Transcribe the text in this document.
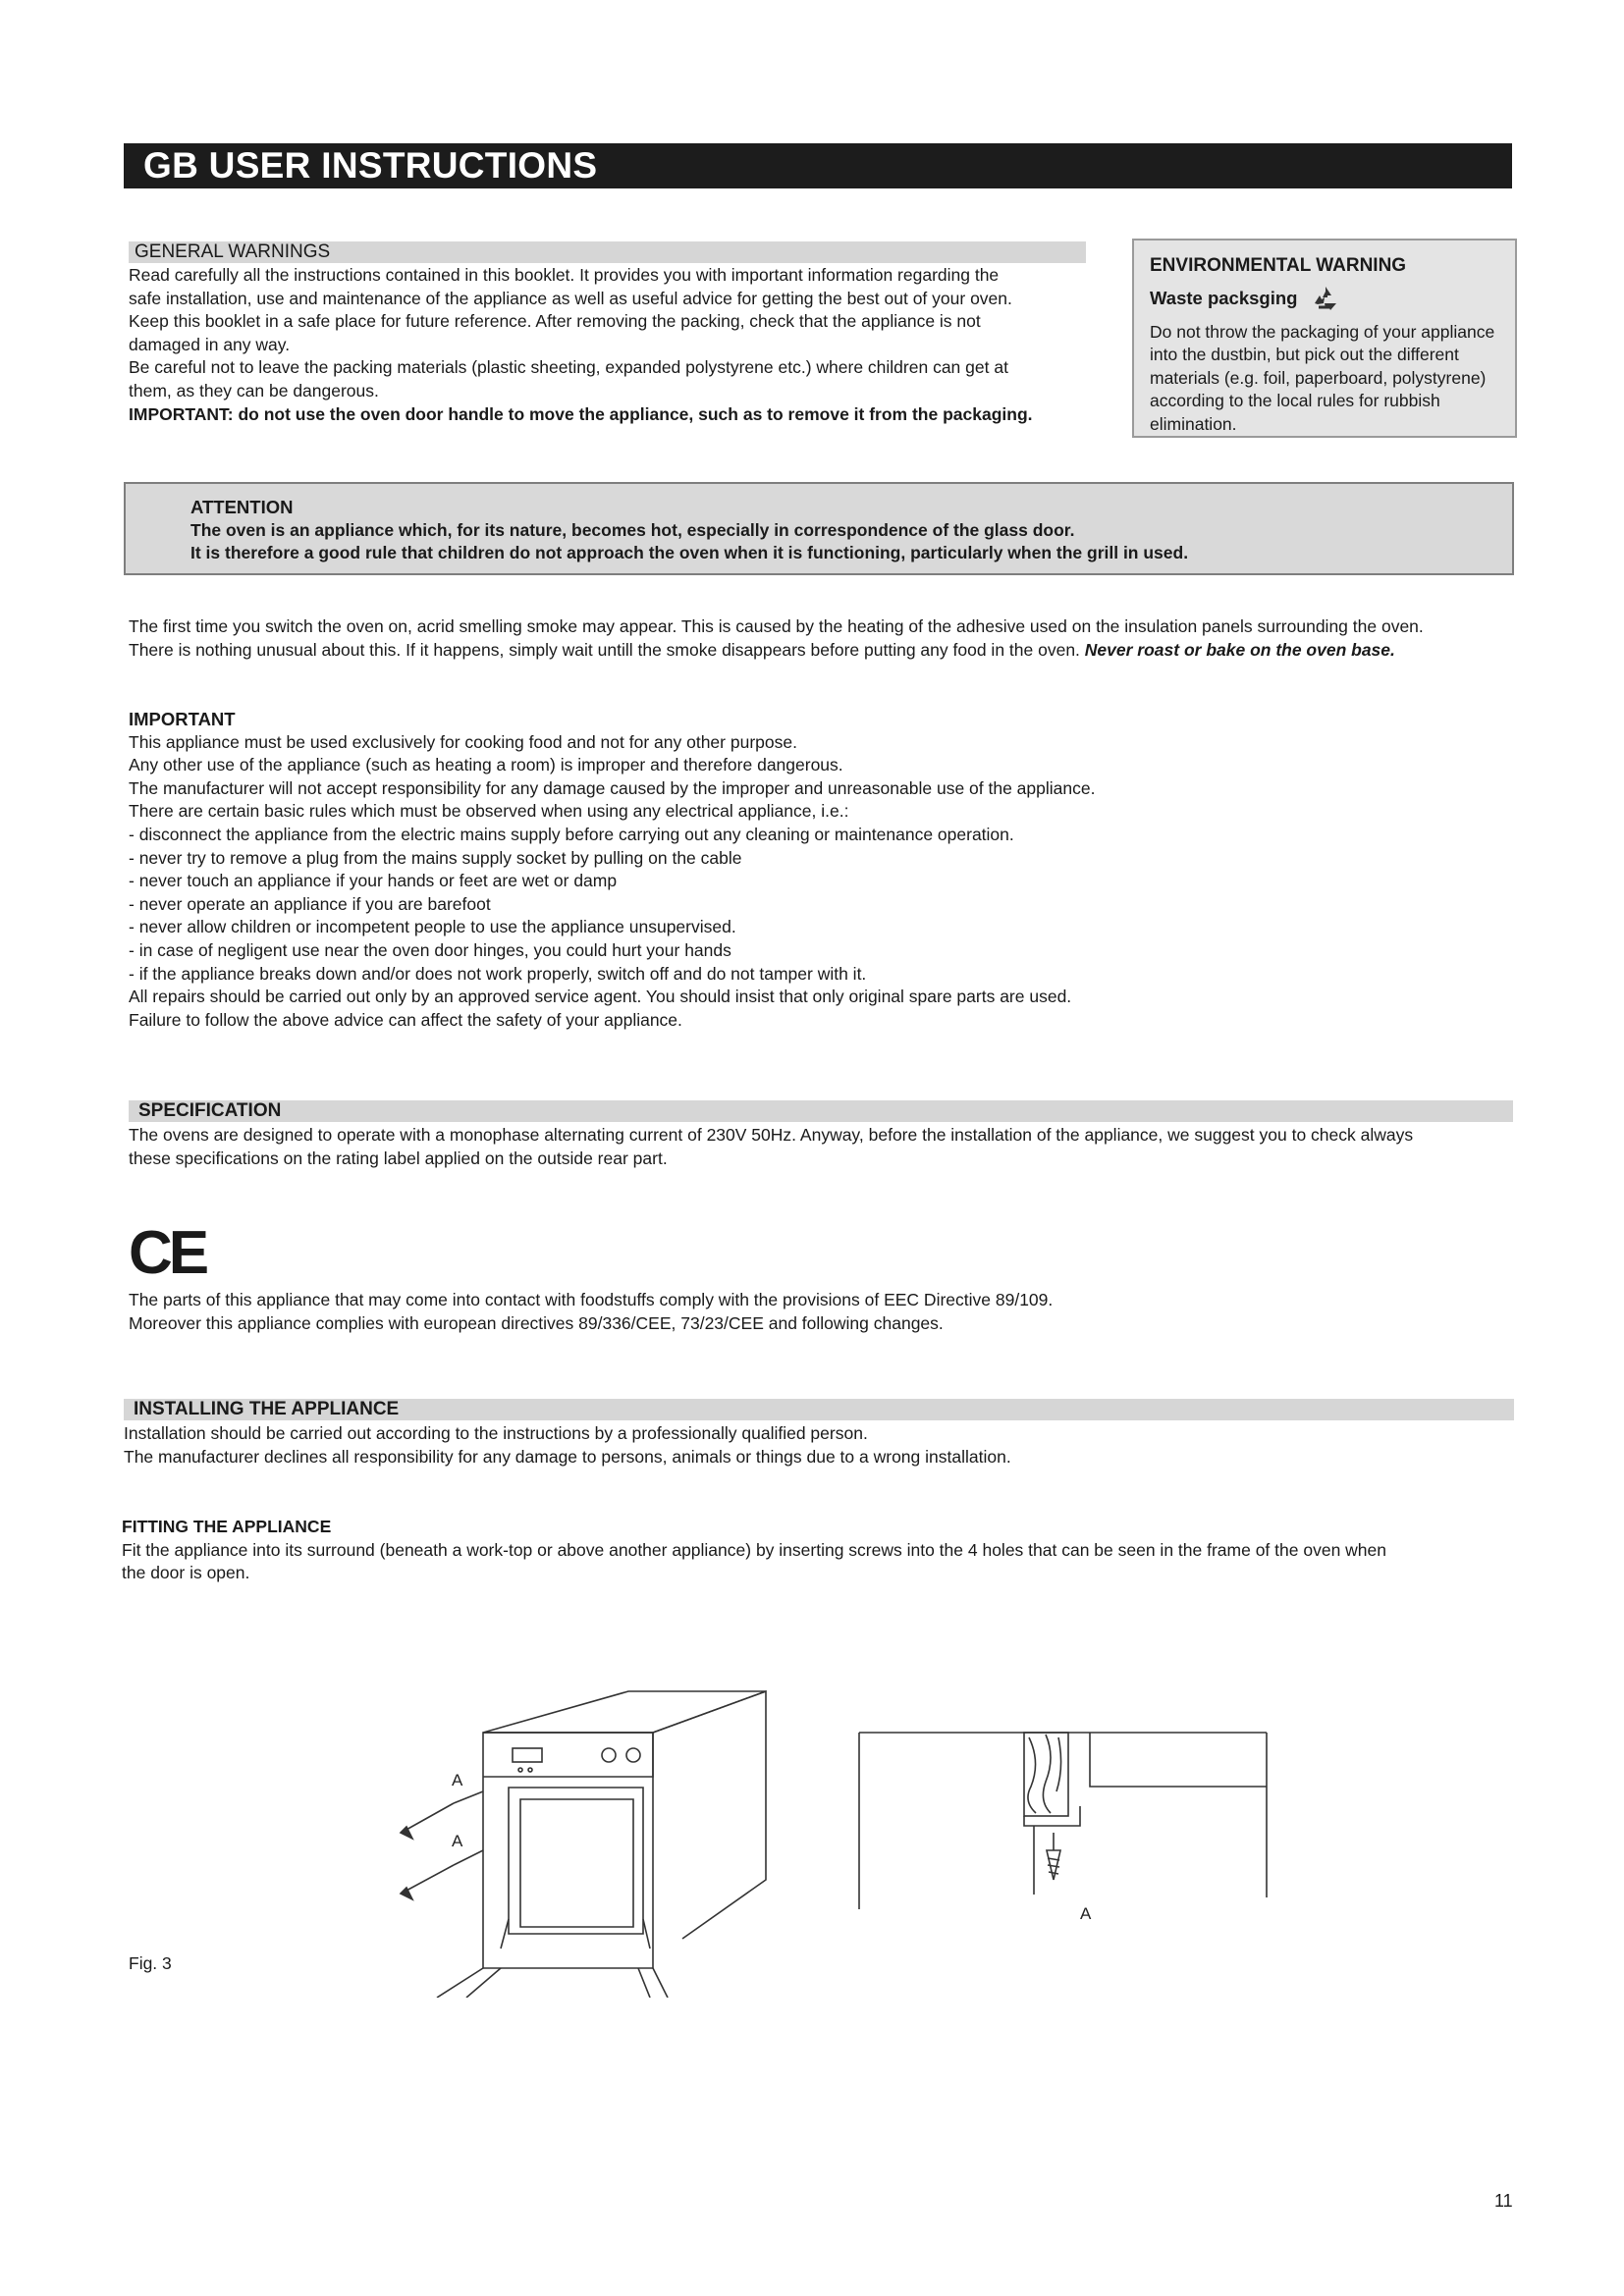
GB USER INSTRUCTIONS
GENERAL WARNINGS

Read carefully all the instructions contained in this booklet. It provides you with important information regarding the

safe installation, use and maintenance of the appliance as well as useful advice for getting the best out of your oven.

Keep this booklet in a safe place for future reference. After removing the packing, check that the appliance is not

damaged in any way.

Be careful not to leave the packing materials (plastic sheeting, expanded polystyrene etc.) where children can get at

them, as they can be dangerous.

IMPORTANT: do not use the oven door handle to move the appliance, such as to remove it from the packaging.

ENVIRONMENTAL WARNING
Waste packsging

Do not throw the packaging of your appliance

into the dustbin, but pick out the different

materials (e.g. foil, paperboard, polystyrene)

according to the local rules for rubbish

elimination.

ATTENTION

The oven is an appliance which, for its nature, becomes hot, especially in correspondence of the glass door.

It is therefore a good rule that children do not approach the oven when it is functioning, particularly when the grill in used.

The first time you switch the oven on, acrid smelling smoke may appear. This is caused by the heating of the adhesive used on the insulation panels surrounding the oven.

There is nothing unusual about this. If it happens, simply wait untill the smoke disappears before putting any food in the oven. Never roast or bake on the oven base.

IMPORTANT

This appliance must be used exclusively for cooking food and not for any other purpose.

Any other use of the appliance (such as heating a room) is improper and therefore dangerous.

The manufacturer will not accept responsibility for any damage caused by the improper and unreasonable use of the appliance.

There are certain basic rules which must be observed when using any electrical appliance, i.e.:

- disconnect the appliance from the electric mains supply before carrying out any cleaning or maintenance operation.

- never try to remove a plug from the mains supply socket by pulling on the cable

- never touch an appliance if your hands or feet are wet or damp

- never operate an appliance if you are barefoot

- never allow children or incompetent people to use the appliance unsupervised.

- in case of negligent use near the oven door hinges, you could hurt your hands

- if the appliance breaks down and/or does not work properly, switch off and do not tamper with it.

All repairs should be carried out only by an approved service agent. You should insist that only original spare parts are used.

Failure to follow the above advice can affect the safety of your appliance.

SPECIFICATION

The ovens are designed to operate with a monophase alternating current of 230V 50Hz. Anyway, before the installation of the appliance, we suggest you to check always

these specifications on the rating label applied on the outside rear part.

CE

The parts of this appliance that may come into contact with foodstuffs comply with the provisions of EEC Directive 89/109.

Moreover this appliance complies with european directives 89/336/CEE, 73/23/CEE and following changes.

INSTALLING THE APPLIANCE

Installation should be carried out according to the instructions by a professionally qualified person.

The manufacturer declines all responsibility for any damage to persons, animals or things due to a wrong installation.

FITTING THE APPLIANCE

Fit the appliance into its surround (beneath a work-top or above another appliance) by inserting screws into the 4 holes that can be seen in the frame of the oven when

the door is open.

A
A
A
Fig. 3
11
